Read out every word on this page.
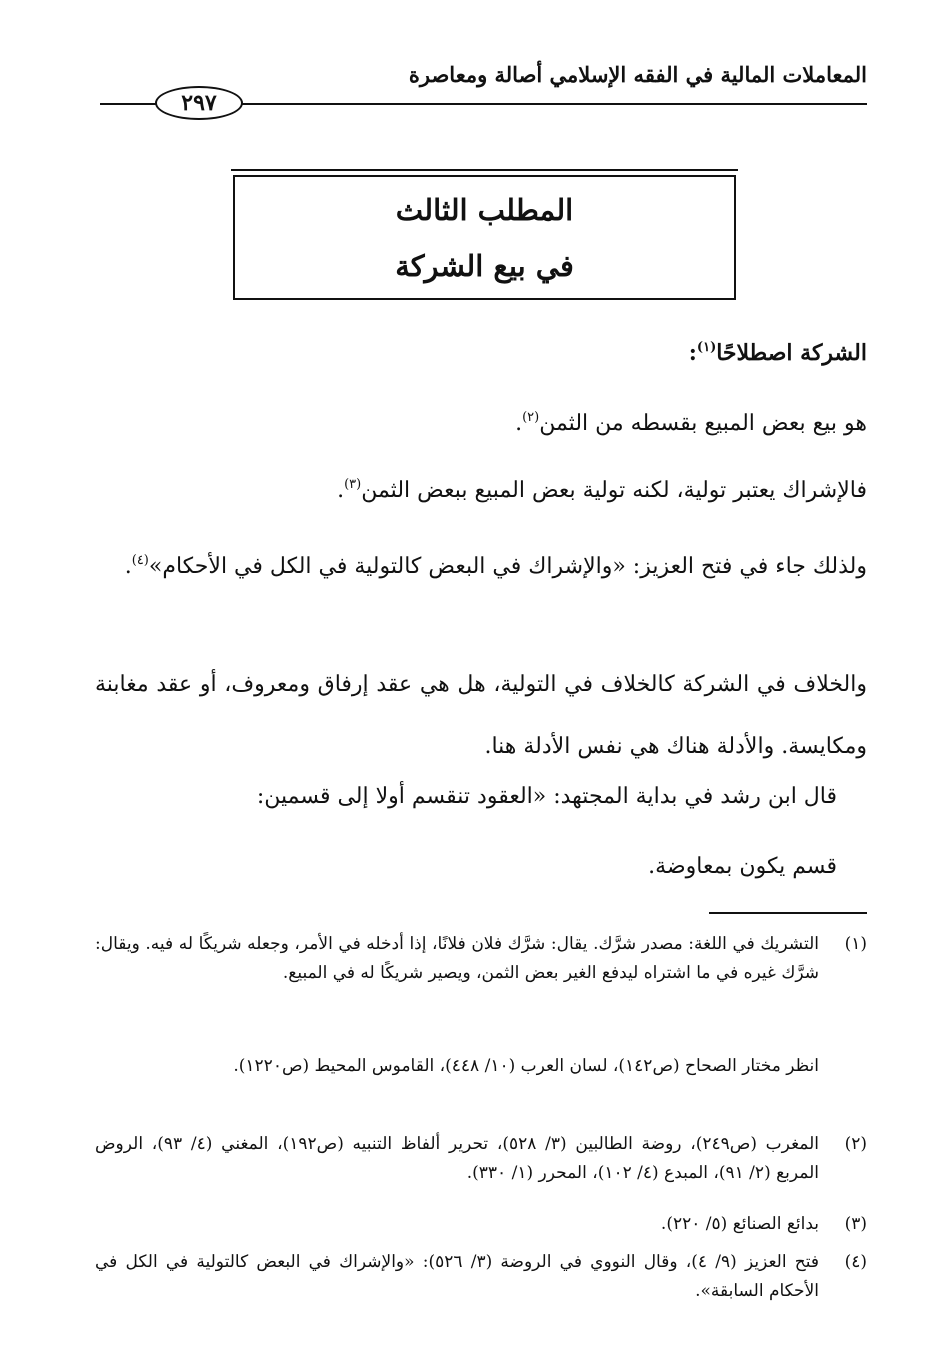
المعاملات المالية في الفقه الإسلامي أصالة ومعاصرة
٢٩٧
المطلب الثالث
في بيع الشركة
الشركة اصطلاحًا$^{(١)}$:
هو بيع بعض المبيع بقسطه من الثمن$^{(٢)}$.
فالإشراك يعتبر تولية، لكنه تولية بعض المبيع ببعض الثمن$^{(٣)}$.
ولذلك جاء في فتح العزيز: «والإشراك في البعض كالتولية في الكل في الأحكام»$^{(٤)}$.
والخلاف في الشركة كالخلاف في التولية، هل هي عقد إرفاق ومعروف، أو عقد مغابنة ومكايسة. والأدلة هناك هي نفس الأدلة هنا.
قال ابن رشد في بداية المجتهد: «العقود تنقسم أولا إلى قسمين:
قسم يكون بمعاوضة.
(١)
التشريك في اللغة: مصدر شرَّك. يقال: شرَّك فلان فلانًا، إذا أدخله في الأمر، وجعله شريكًا له فيه. ويقال: شرَّك غيره في ما اشتراه ليدفع الغير بعض الثمن، ويصير شريكًا له في المبيع.
انظر مختار الصحاح (ص١٤٢)، لسان العرب (١٠/ ٤٤٨)، القاموس المحيط (ص١٢٢٠).
(٢)
المغرب (ص٢٤٩)، روضة الطالبين (٣/ ٥٢٨)، تحرير ألفاظ التنبيه (ص١٩٢)، المغني (٤/ ٩٣)، الروض المربع (٢/ ٩١)، المبدع (٤/ ١٠٢)، المحرر (١/ ٣٣٠).
(٣)
بدائع الصنائع (٥/ ٢٢٠).
(٤)
فتح العزيز (٩/ ٤)، وقال النووي في الروضة (٣/ ٥٢٦): «والإشراك في البعض كالتولية في الكل في الأحكام السابقة».
